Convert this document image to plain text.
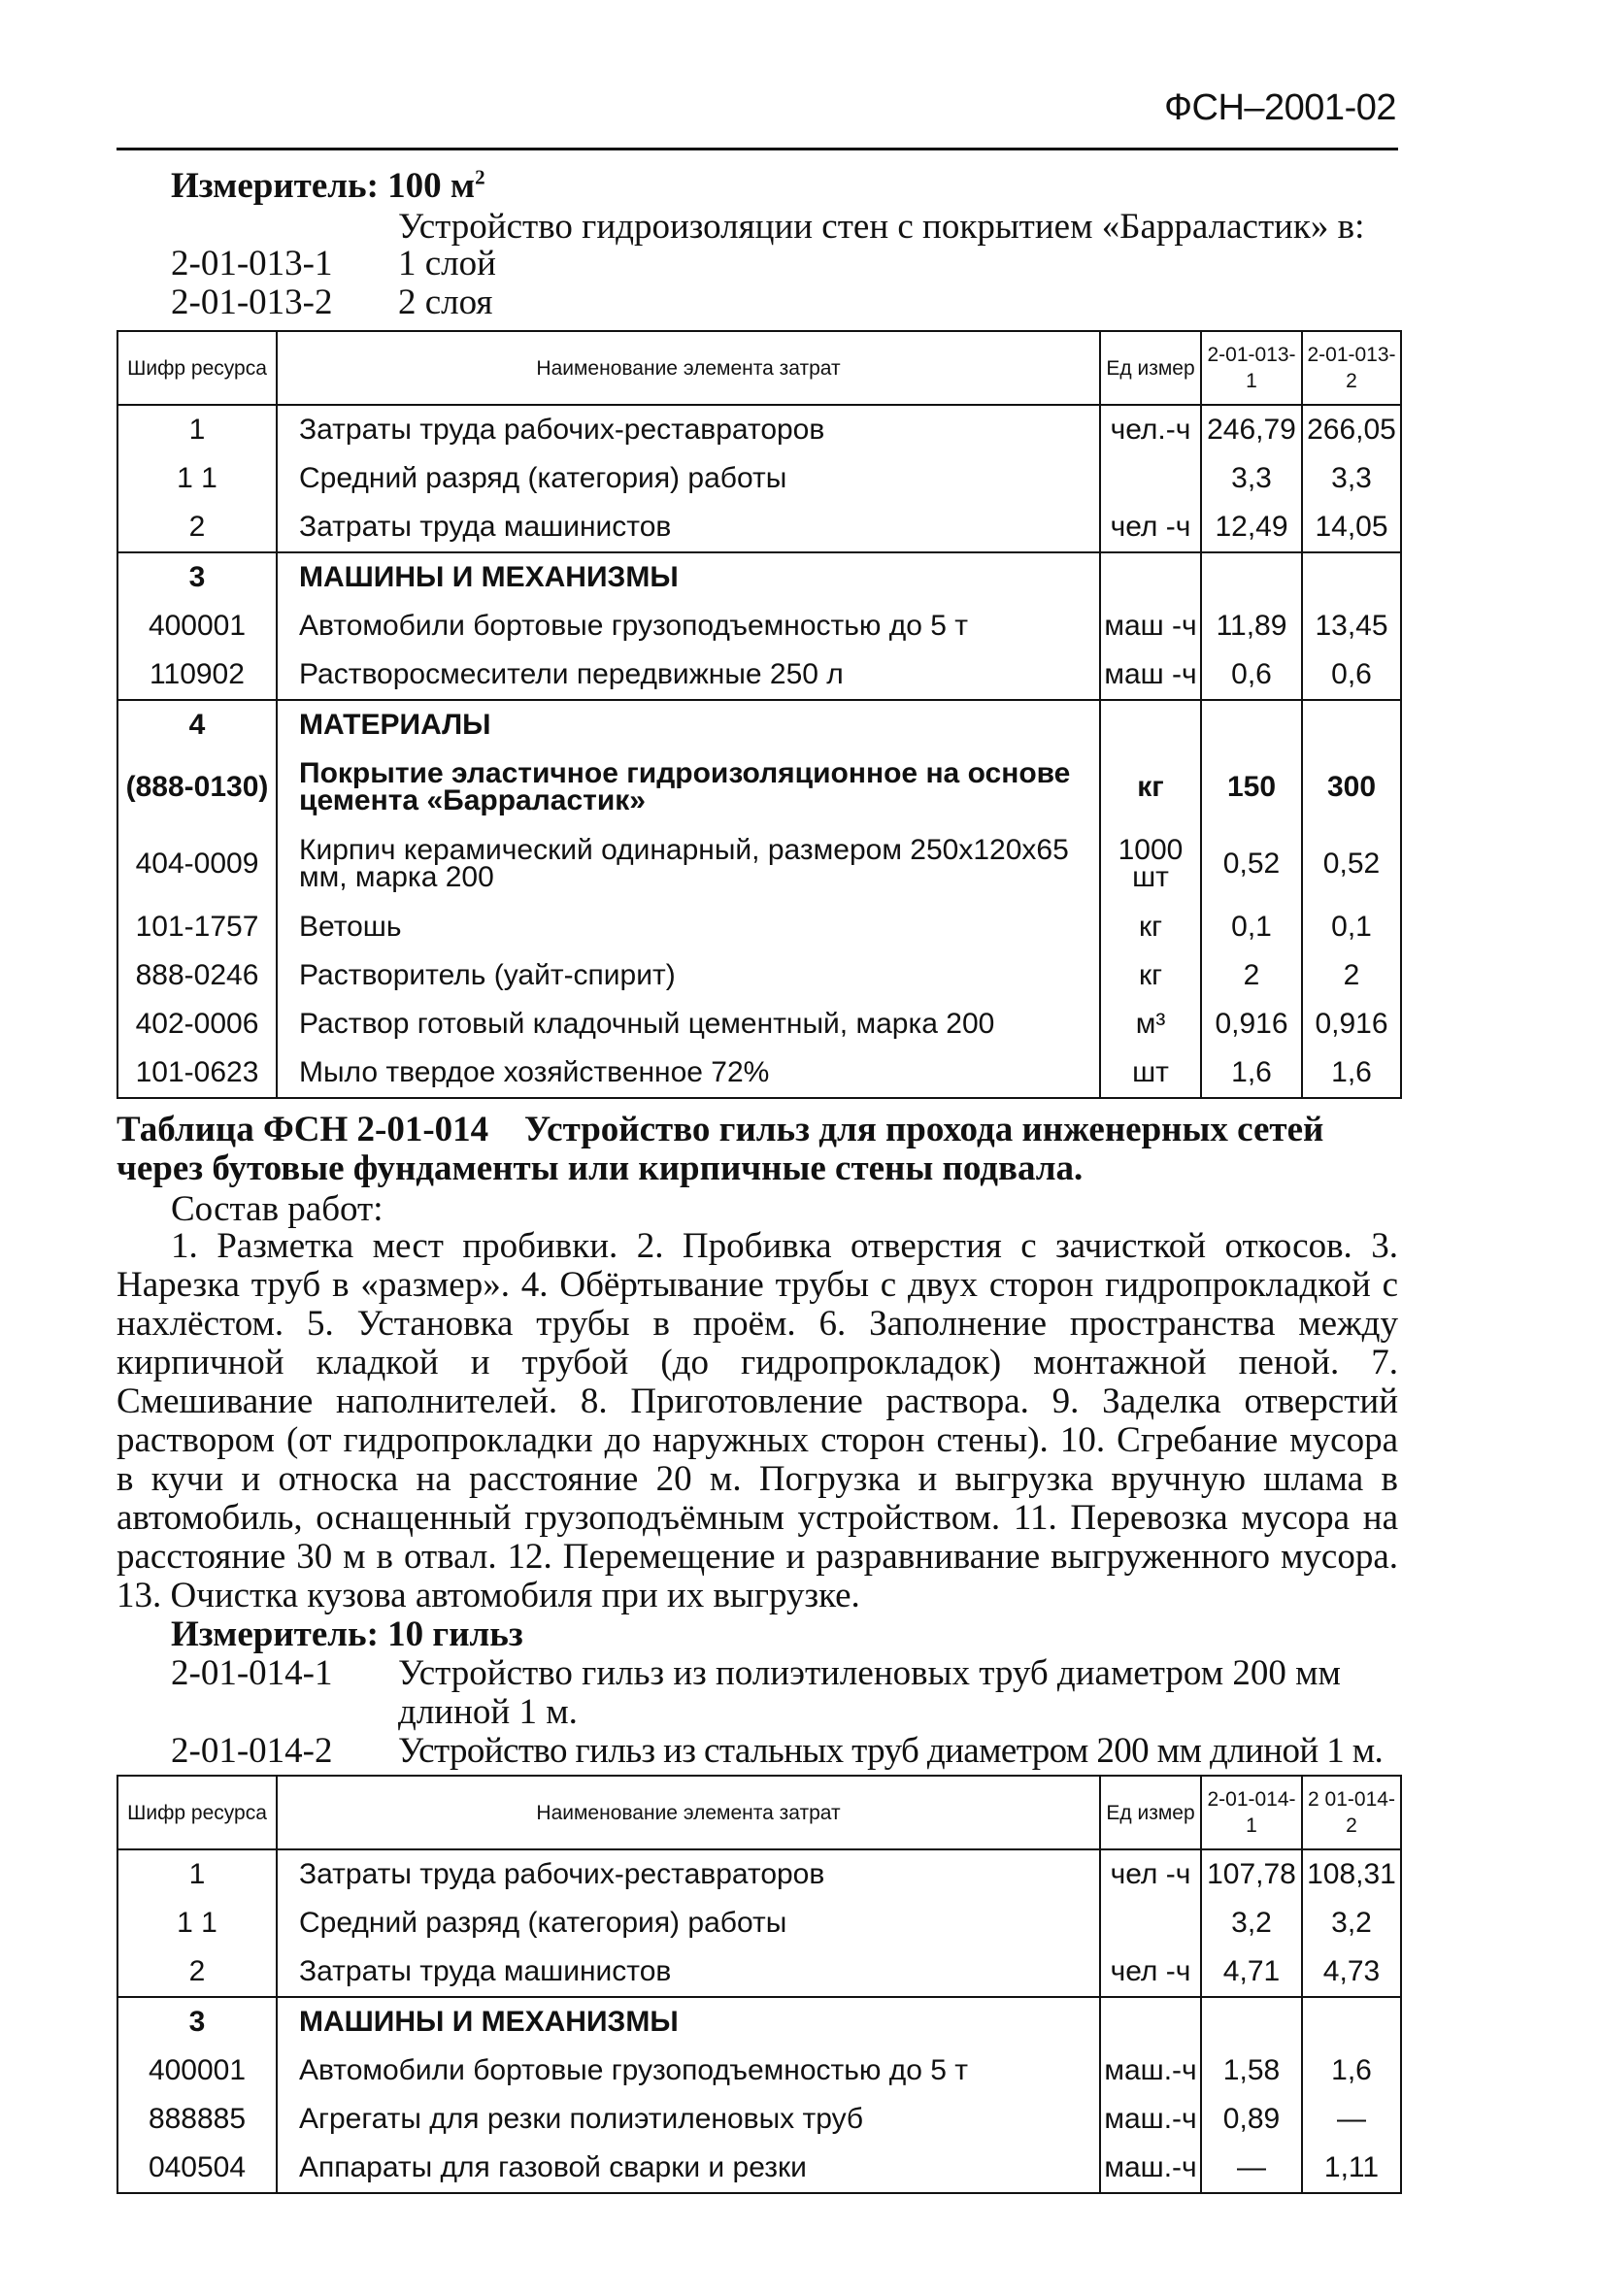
ФСН–2001-02
Измеритель: 100 $м^2$
Устройство гидроизоляции стен с покрытием «Барраластик» в:
2-01-013-1 1 слой
2-01-013-2 2 слоя
Шифр ресурса	Наименование элемента затрат	Ед измер	2-01-013-1	2-01-013-2
1	Затраты труда рабочих-реставраторов	чел.-ч	246,79	266,05
1 1	Средний разряд (категория) работы		3,3	3,3
2	Затраты труда машинистов	чел -ч	12,49	14,05
3	МАШИНЫ И МЕХАНИЗМЫ			
400001	Автомобили бортовые грузоподъемностью до 5 т	маш -ч	11,89	13,45
110902	Растворосмесители передвижные 250 л	маш -ч	0,6	0,6
4	МАТЕРИАЛЫ			
(888-0130)	Покрытие эластичное гидроизоляционное на основе цемента «Барраластик»	кг	150	300
404-0009	Кирпич керамический одинарный, размером 250х120х65 мм, марка 200	1000 шт	0,52	0,52
101-1757	Ветошь	кг	0,1	0,1
888-0246	Растворитель (уайт-спирит)	кг	2	2
402-0006	Раствор готовый кладочный цементный, марка 200	м³	0,916	0,916
101-0623	Мыло твердое хозяйственное 72%	шт	1,6	1,6
Таблица ФСН 2-01-014 Устройство гильз для прохода инженерных сетей через бутовые фундаменты или кирпичные стены подвала.
Состав работ:
1. Разметка мест пробивки. 2. Пробивка отверстия с зачисткой откосов. 3. Нарезка труб в «размер». 4. Обёртывание трубы с двух сторон гидропрокладкой с нахлёстом. 5. Установка трубы в проём. 6. Заполнение пространства между кирпичной кладкой и трубой (до гидропрокладок) монтажной пеной. 7. Смешивание наполнителей. 8. Приготовление раствора. 9. Заделка отверстий раствором (от гидропрокладки до наружных сторон стены). 10. Сгребание мусора в кучи и относка на расстояние 20 м. Погрузка и выгрузка вручную шлама в автомобиль, оснащенный грузоподъёмным устройством. 11. Перевозка мусора на расстояние 30 м в отвал. 12. Перемещение и разравнивание выгруженного мусора. 13. Очистка кузова автомобиля при их выгрузке.
Измеритель: 10 гильз
2-01-014-1 Устройство гильз из полиэтиленовых труб диаметром 200 мм
длиной 1 м.
2-01-014-2 Устройство гильз из стальных труб диаметром 200 мм длиной 1 м.
Шифр ресурса	Наименование элемента затрат	Ед измер	2-01-014-1	2 01-014-2
1	Затраты труда рабочих-реставраторов	чел -ч	107,78	108,31
1 1	Средний разряд (категория) работы		3,2	3,2
2	Затраты труда машинистов	чел -ч	4,71	4,73
3	МАШИНЫ И МЕХАНИЗМЫ			
400001	Автомобили бортовые грузоподъемностью до 5 т	маш.-ч	1,58	1,6
888885	Агрегаты для резки полиэтиленовых труб	маш.-ч	0,89	—
040504	Аппараты для газовой сварки и резки	маш.-ч	—	1,11
